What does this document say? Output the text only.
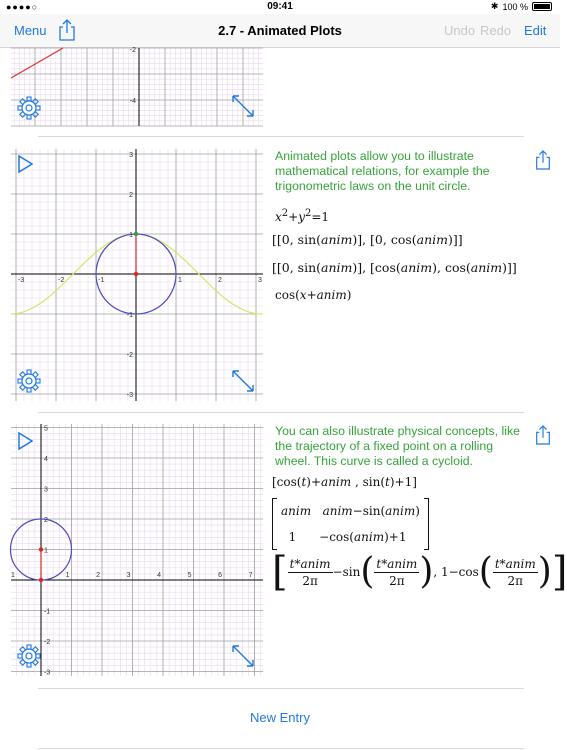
●●●●○	09:41	✱ 100 %
Menu	2.7 - Animated Plots	Undo Redo Edit
-2
-4
-3	-2	-1	1	2	3
3
2
1
-1
-2
-3
Animated plots allow you to illustrate mathematical relations, for example the trigonometric laws on the unit circle.
$x^2+y^2=1$
[[0, sin(anim)], [0, cos(anim)]]
[[0, sin(anim)], [cos(anim), cos(anim)]]
cos(x+anim)
1	2	3	4	5	6	7
1
5
4
3
2
1
-1
-2
-3
You can also illustrate physical concepts, like the trajectory of a fixed point on a rolling wheel. This curve is called a cycloid.
[cos(t)+anim , sin(t)+1]
anim anim−sin(anim)
1      −cos(anim)+1
[ $\frac{\text{t*anim}}{2\pi} -\sin$ ( $\frac{\text{t*anim}}{2\pi}$ ) , 1−cos ( $\frac{\text{t*anim}}{2\pi}$ ) ]
New Entry
